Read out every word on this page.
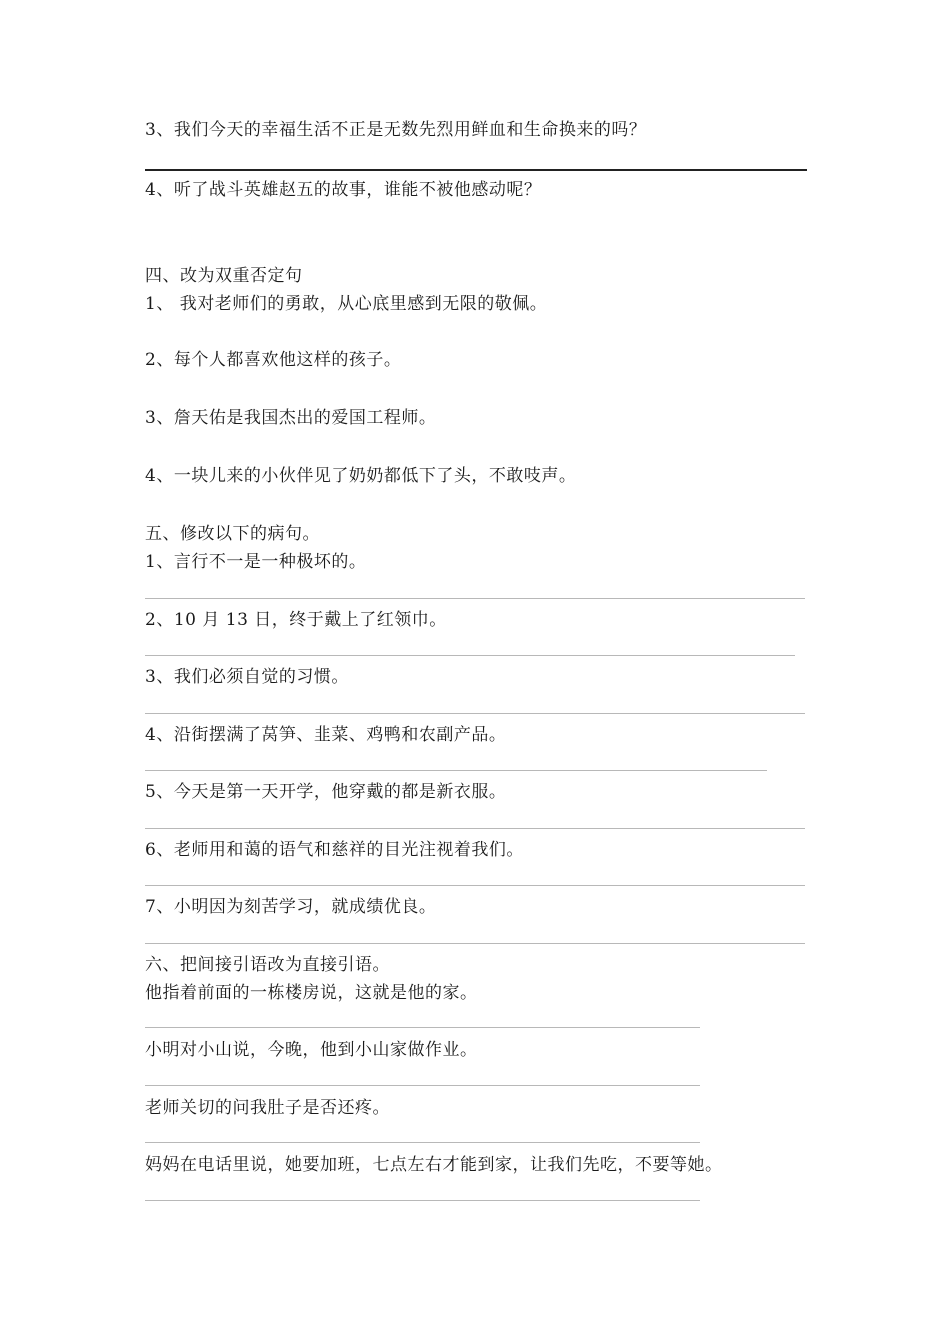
3、我们今天的幸福生活不正是无数先烈用鲜血和生命换来的吗？
4、听了战斗英雄赵五的故事，谁能不被他感动呢？
四、改为双重否定句
1、 我对老师们的勇敢，从心底里感到无限的敬佩。
2、每个人都喜欢他这样的孩子。
3、詹天佑是我国杰出的爱国工程师。
4、一块儿来的小伙伴见了奶奶都低下了头，不敢吱声。
五、修改以下的病句。
1、言行不一是一种极坏的。
2、10 月 13 日，终于戴上了红领巾。
3、我们必须自觉的习惯。
4、沿街摆满了莴笋、韭菜、鸡鸭和农副产品。
5、今天是第一天开学，他穿戴的都是新衣服。
6、老师用和蔼的语气和慈祥的目光注视着我们。
7、小明因为刻苦学习，就成绩优良。
六、把间接引语改为直接引语。
他指着前面的一栋楼房说，这就是他的家。
小明对小山说，今晚，他到小山家做作业。
老师关切的问我肚子是否还疼。
妈妈在电话里说，她要加班，七点左右才能到家，让我们先吃，不要等她。
